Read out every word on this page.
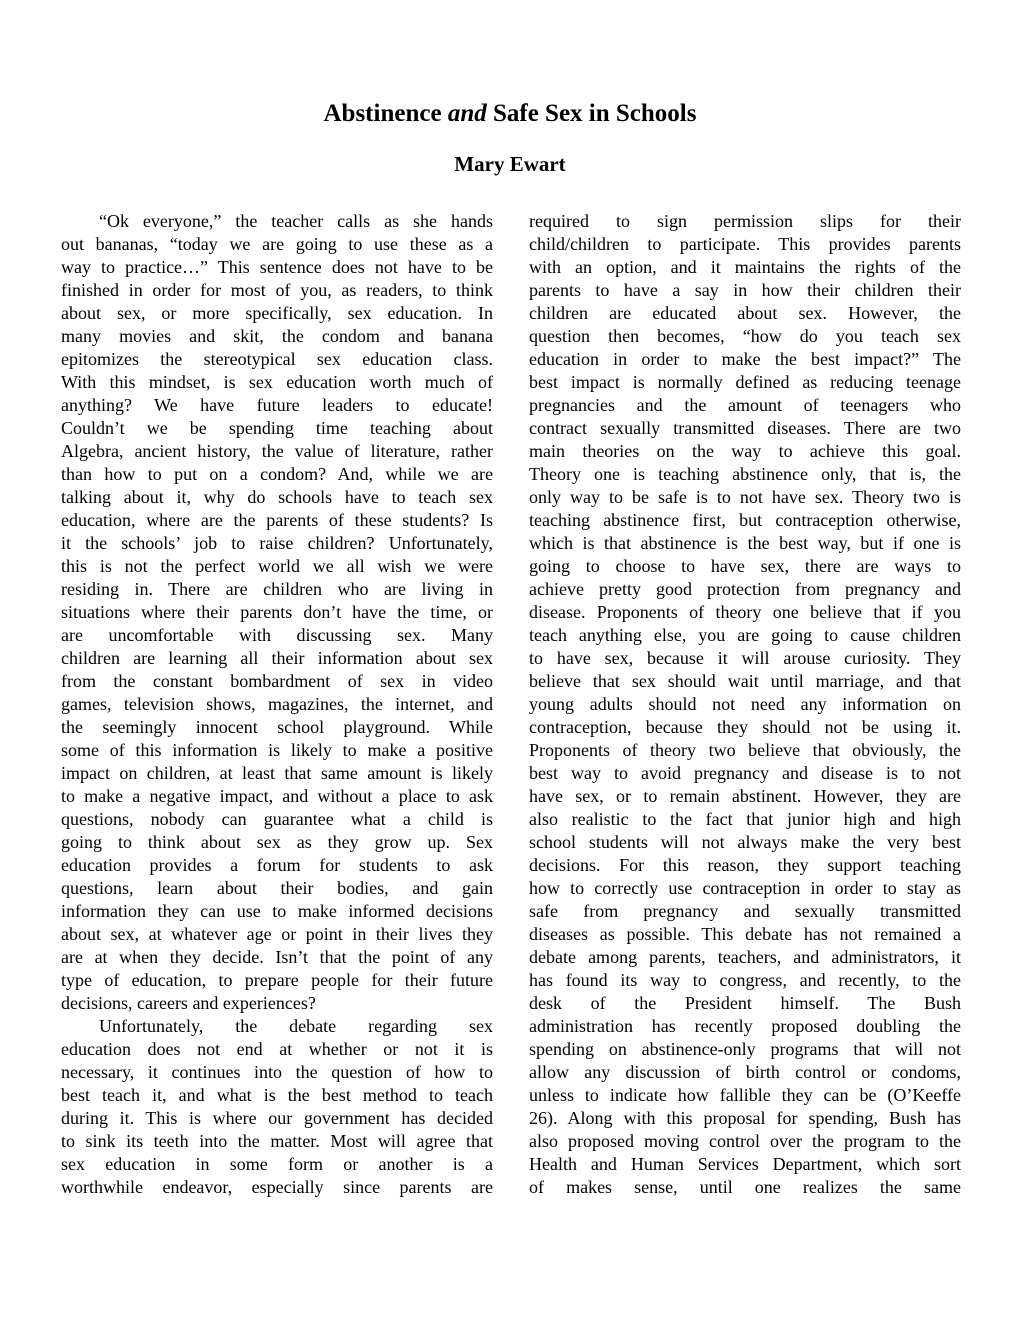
Abstinence and Safe Sex in Schools
Mary Ewart
“Ok everyone,” the teacher calls as she hands
out bananas, “today we are going to use these as a
way to practice…” This sentence does not have to be
finished in order for most of you, as readers, to think
about sex, or more specifically, sex education. In
many movies and skit, the condom and banana
epitomizes the stereotypical sex education class.
With this mindset, is sex education worth much of
anything? We have future leaders to educate!
Couldn’t we be spending time teaching about
Algebra, ancient history, the value of literature, rather
than how to put on a condom? And, while we are
talking about it, why do schools have to teach sex
education, where are the parents of these students? Is
it the schools’ job to raise children? Unfortunately,
this is not the perfect world we all wish we were
residing in. There are children who are living in
situations where their parents don’t have the time, or
are uncomfortable with discussing sex. Many
children are learning all their information about sex
from the constant bombardment of sex in video
games, television shows, magazines, the internet, and
the seemingly innocent school playground. While
some of this information is likely to make a positive
impact on children, at least that same amount is likely
to make a negative impact, and without a place to ask
questions, nobody can guarantee what a child is
going to think about sex as they grow up. Sex
education provides a forum for students to ask
questions, learn about their bodies, and gain
information they can use to make informed decisions
about sex, at whatever age or point in their lives they
are at when they decide. Isn’t that the point of any
type of education, to prepare people for their future
decisions, careers and experiences?
Unfortunately, the debate regarding sex
education does not end at whether or not it is
necessary, it continues into the question of how to
best teach it, and what is the best method to teach
during it. This is where our government has decided
to sink its teeth into the matter. Most will agree that
sex education in some form or another is a
worthwhile endeavor, especially since parents are
required to sign permission slips for their
child/children to participate. This provides parents
with an option, and it maintains the rights of the
parents to have a say in how their children their
children are educated about sex. However, the
question then becomes, “how do you teach sex
education in order to make the best impact?” The
best impact is normally defined as reducing teenage
pregnancies and the amount of teenagers who
contract sexually transmitted diseases. There are two
main theories on the way to achieve this goal.
Theory one is teaching abstinence only, that is, the
only way to be safe is to not have sex. Theory two is
teaching abstinence first, but contraception otherwise,
which is that abstinence is the best way, but if one is
going to choose to have sex, there are ways to
achieve pretty good protection from pregnancy and
disease. Proponents of theory one believe that if you
teach anything else, you are going to cause children
to have sex, because it will arouse curiosity. They
believe that sex should wait until marriage, and that
young adults should not need any information on
contraception, because they should not be using it.
Proponents of theory two believe that obviously, the
best way to avoid pregnancy and disease is to not
have sex, or to remain abstinent. However, they are
also realistic to the fact that junior high and high
school students will not always make the very best
decisions. For this reason, they support teaching
how to correctly use contraception in order to stay as
safe from pregnancy and sexually transmitted
diseases as possible. This debate has not remained a
debate among parents, teachers, and administrators, it
has found its way to congress, and recently, to the
desk of the President himself. The Bush
administration has recently proposed doubling the
spending on abstinence-only programs that will not
allow any discussion of birth control or condoms,
unless to indicate how fallible they can be (O’Keeffe
26). Along with this proposal for spending, Bush has
also proposed moving control over the program to the
Health and Human Services Department, which sort
of makes sense, until one realizes the same
